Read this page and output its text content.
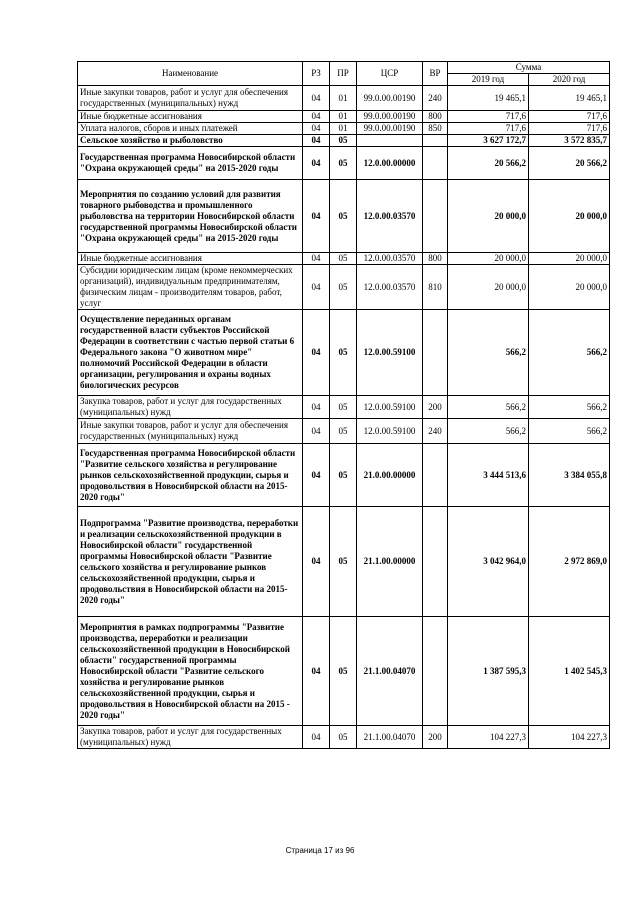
Наименование	РЗ	ПР	ЦСР	ВР	Сумма	
					2019 год	2020 год
Иные закупки товаров, работ и услуг для обеспечения государственных (муниципальных) нужд	04	01	99.0.00.00190	240	19 465,1	19 465,1
Иные бюджетные ассигнования	04	01	99.0.00.00190	800	717,6	717,6
Уплата налогов, сборов и иных платежей	04	01	99.0.00.00190	850	717,6	717,6
Сельское хозяйство и рыболовство	04	05			3 627 172,7	3 572 835,7
Государственная программа Новосибирской области "Охрана окружающей среды" на 2015-2020 годы	04	05	12.0.00.00000		20 566,2	20 566,2
Мероприятия по созданию условий для развития товарного рыбоводства и промышленного рыболовства на территории Новосибирской области государственной программы Новосибирской области "Охрана окружающей среды" на 2015-2020 годы	04	05	12.0.00.03570		20 000,0	20 000,0
Иные бюджетные ассигнования	04	05	12.0.00.03570	800	20 000,0	20 000,0
Субсидии юридическим лицам (кроме некоммерческих организаций), индивидуальным предпринимателям, физическим лицам - производителям товаров, работ, услуг	04	05	12.0.00.03570	810	20 000,0	20 000,0
Осуществление переданных органам государственной власти субъектов Российской Федерации в соответствии с частью первой статьи 6 Федерального закона "О животном мире" полномочий Российской Федерации в области организации, регулирования и охраны водных биологических ресурсов	04	05	12.0.00.59100		566,2	566,2
Закупка товаров, работ и услуг для государственных (муниципальных) нужд	04	05	12.0.00.59100	200	566,2	566,2
Иные закупки товаров, работ и услуг для обеспечения государственных (муниципальных) нужд	04	05	12.0.00.59100	240	566,2	566,2
Государственная программа Новосибирской области "Развитие сельского хозяйства и регулирование рынков сельскохозяйственной продукции, сырья и продовольствия в Новосибирской области на 2015-2020 годы"	04	05	21.0.00.00000		3 444 513,6	3 384 055,8
Подпрограмма "Развитие производства, переработки и реализации сельскохозяйственной продукции в Новосибирской области" государственной программы Новосибирской области "Развитие сельского хозяйства и регулирование рынков сельскохозяйственной продукции, сырья и продовольствия в Новосибирской области на 2015-2020 годы"	04	05	21.1.00.00000		3 042 964,0	2 972 869,0
Мероприятия в рамках подпрограммы "Развитие производства, переработки и реализации сельскохозяйственной продукции в Новосибирской области" государственной программы Новосибирской области "Развитие сельского хозяйства и регулирование рынков сельскохозяйственной продукции, сырья и продовольствия в Новосибирской области на 2015 - 2020 годы"	04	05	21.1.00.04070		1 387 595,3	1 402 545,3
Закупка товаров, работ и услуг для государственных (муниципальных) нужд	04	05	21.1.00.04070	200	104 227,3	104 227,3
Страница 17 из 96
